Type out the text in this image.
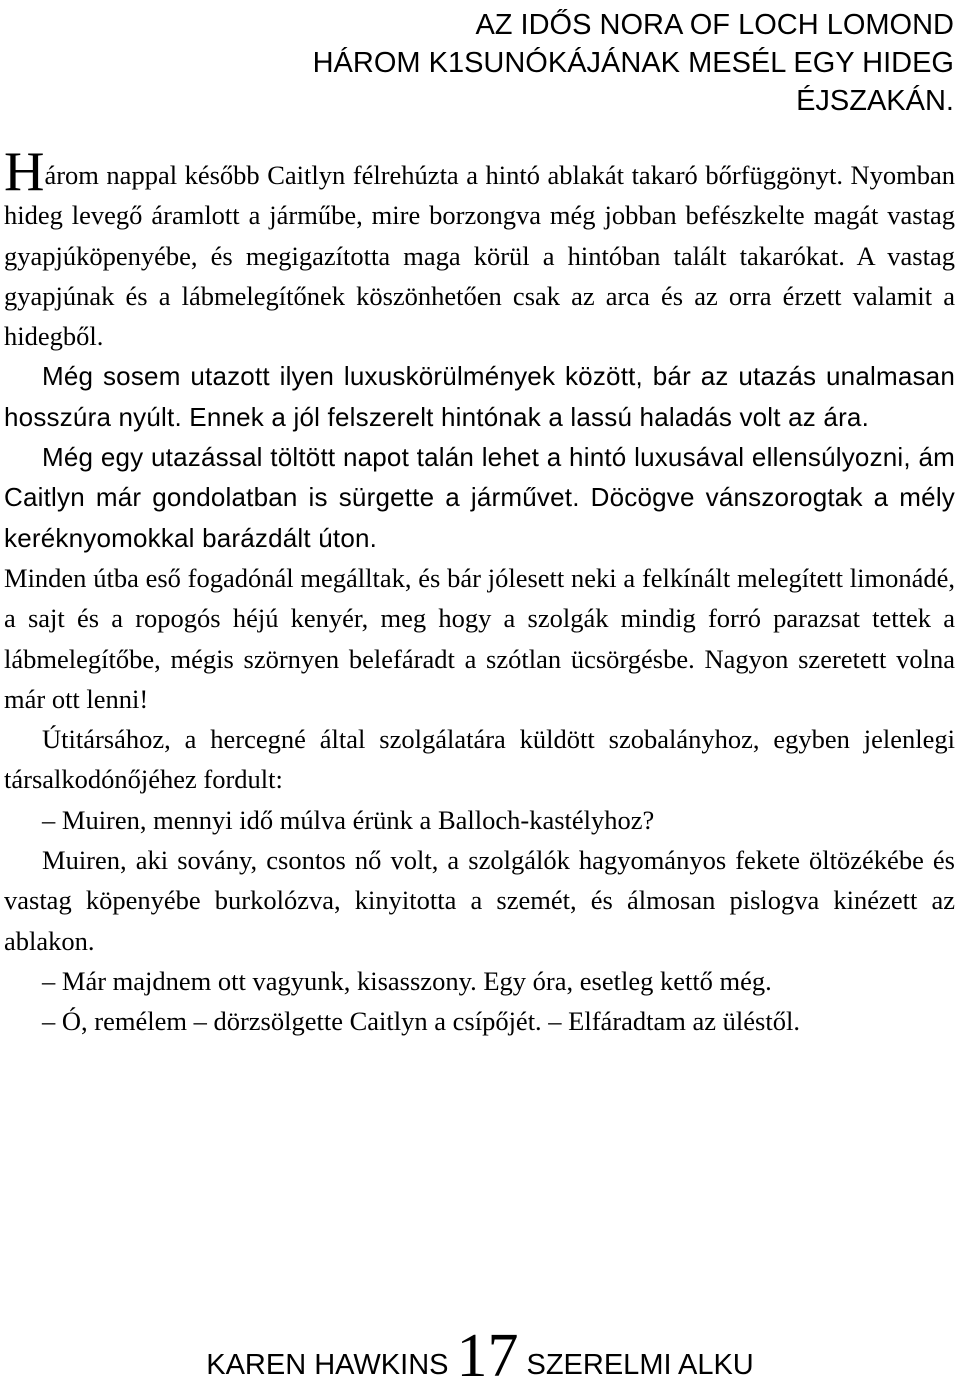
AZ IDŐS NORA OF LOCH LOMOND
HÁROM K1SUNÓKÁJÁNAK MESÉL EGY HIDEG
ÉJSZAKÁN.

Három nappal később Caitlyn félrehúzta a hintó ablakát takaró bőrfüggönyt. Nyomban hideg levegő áramlott a járműbe, mire borzongva még jobban befészkelte magát vastag gyapjúköpenyébe, és megigazította maga körül a hintóban talált takarókat. A vastag gyapjúnak és a lábmelegítőnek köszönhetően csak az arca és az orra érzett valamit a hidegből.

Még sosem utazott ilyen luxuskörülmények között, bár az utazás unalmasan hosszúra nyúlt. Ennek a jól felszerelt hintónak a lassú haladás volt az ára.

Még egy utazással töltött napot talán lehet a hintó luxusával ellensúlyozni, ám Caitlyn már gondolatban is sürgette a járművet. Döcögve vánszorogtak a mély keréknyomokkal barázdált úton.

Minden útba eső fogadónál megálltak, és bár jólesett neki a felkínált melegített limonádé, a sajt és a ropogós héjú kenyér, meg hogy a szolgák mindig forró parazsat tettek a lábmelegítőbe, mégis szörnyen belefáradt a szótlan ücsörgésbe. Nagyon szeretett volna már ott lenni!

Útitársához, a hercegné által szolgálatára küldött szobalányhoz, egyben jelenlegi társalkodónőjéhez fordult:

– Muiren, mennyi idő múlva érünk a Balloch-kastélyhoz?

Muiren, aki sovány, csontos nő volt, a szolgálók hagyományos fekete öltözékébe és vastag köpenyébe burkolózva, kinyitotta a szemét, és álmosan pislogva kinézett az ablakon.

– Már majdnem ott vagyunk, kisasszony. Egy óra, esetleg kettő még.

– Ó, remélem – dörzsölgette Caitlyn a csípőjét. – Elfáradtam az üléstől.

KAREN HAWKINS 17 SZERELMI ALKU
